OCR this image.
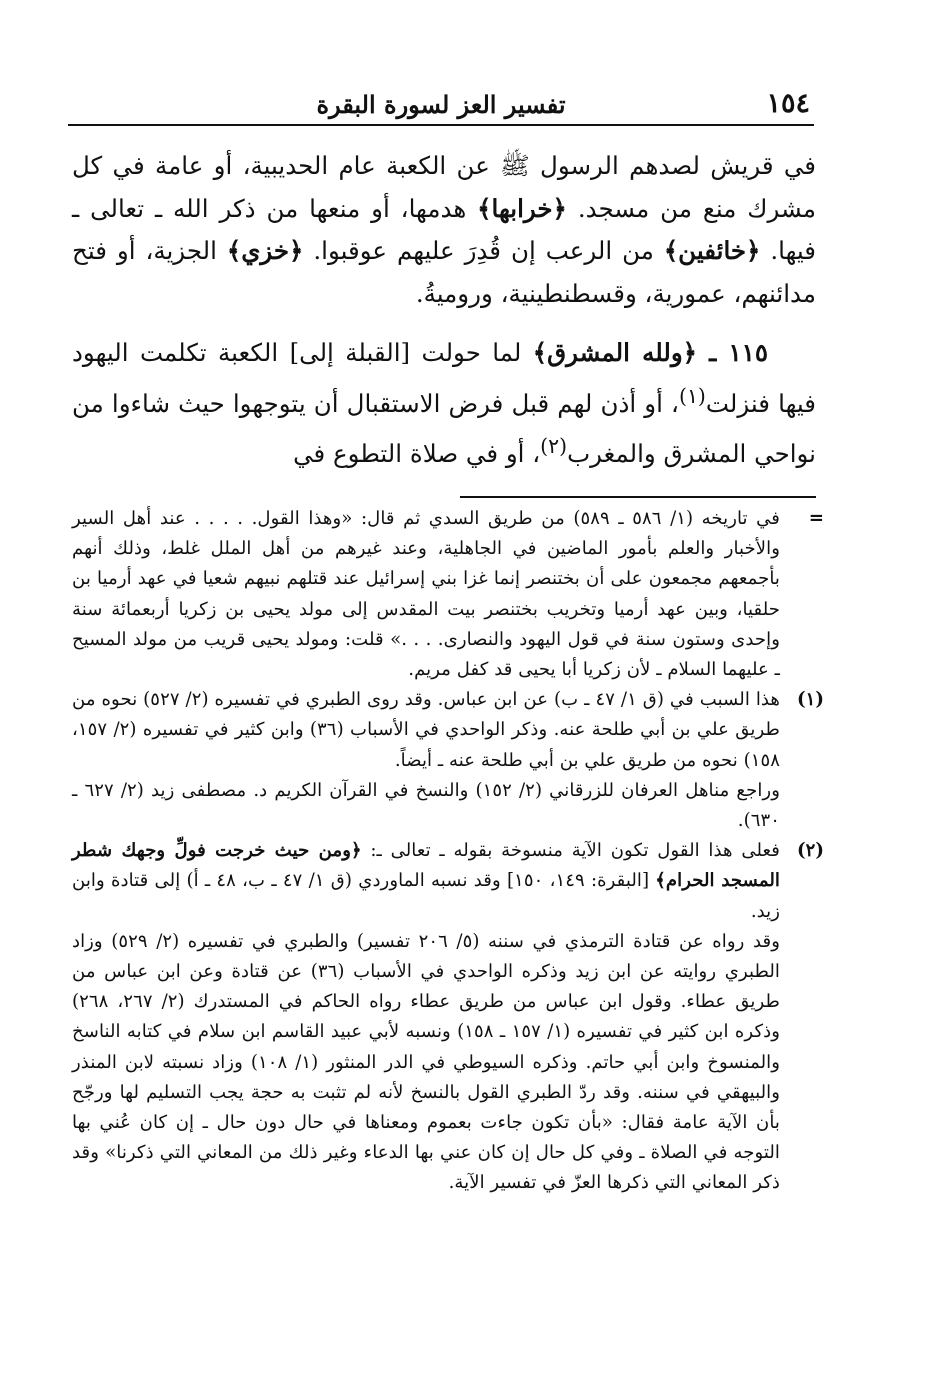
١٥٤
تفسير العز لسورة البقرة

في قريش لصدهم الرسول ﷺ عن الكعبة عام الحديبية، أو عامة في كل مشرك منع من مسجد. ﴿خرابها﴾ هدمها، أو منعها من ذكر الله ـ تعالى ـ فيها. ﴿خائفين﴾ من الرعب إن قُدِرَ عليهم عوقبوا. ﴿خزي﴾ الجزية، أو فتح مدائنهم، عمورية، وقسطنطينية، وروميةُ.

١١٥ ـ ﴿ولله المشرق﴾ لما حولت [القبلة إلى] الكعبة تكلمت اليهود فيها فنزلت$^{(١)}$، أو أذن لهم قبل فرض الاستقبال أن يتوجهوا حيث شاءوا من نواحي المشرق والمغرب$^{(٢)}$، أو في صلاة التطوع في

=

في تاريخه (١/ ٥٨٦ ـ ٥٨٩) من طريق السدي ثم قال: «وهذا القول. . . . . عند أهل السير والأخبار والعلم بأمور الماضين في الجاهلية، وعند غيرهم من أهل الملل غلط، وذلك أنهم بأجمعهم مجمعون على أن بختنصر إنما غزا بني إسرائيل عند قتلهم نبيهم شعيا في عهد أرميا بن حلقيا، وبين عهد أرميا وتخريب بختنصر بيت المقدس إلى مولد يحيى بن زكريا أربعمائة سنة وإحدى وستون سنة في قول اليهود والنصارى. . . .» قلت: ومولد يحيى قريب من مولد المسيح ـ عليهما السلام ـ لأن زكريا أبا يحيى قد كفل مريم.

(١)

هذا السبب في (ق ١/ ٤٧ ـ ب) عن ابن عباس. وقد روى الطبري في تفسيره (٢/ ٥٢٧) نحوه من طريق علي بن أبي طلحة عنه. وذكر الواحدي في الأسباب (٣٦) وابن كثير في تفسيره (٢/ ١٥٧، ١٥٨) نحوه من طريق علي بن أبي طلحة عنه ـ أيضاً.

وراجع مناهل العرفان للزرقاني (٢/ ١٥٢) والنسخ في القرآن الكريم د. مصطفى زيد (٢/ ٦٢٧ ـ ٦٣٠).

(٢)

فعلى هذا القول تكون الآية منسوخة بقوله ـ تعالى ـ: ﴿ومن حيث خرجت فولِّ وجهك شطر المسجد الحرام﴾ [البقرة: ١٤٩، ١٥٠] وقد نسبه الماوردي (ق ١/ ٤٧ ـ ب، ٤٨ ـ أ) إلى قتادة وابن زيد.

وقد رواه عن قتادة الترمذي في سننه (٥/ ٢٠٦ تفسير) والطبري في تفسيره (٢/ ٥٢٩) وزاد الطبري روايته عن ابن زيد وذكره الواحدي في الأسباب (٣٦) عن قتادة وعن ابن عباس من طريق عطاء. وقول ابن عباس من طريق عطاء رواه الحاكم في المستدرك (٢/ ٢٦٧، ٢٦٨) وذكره ابن كثير في تفسيره (١/ ١٥٧ ـ ١٥٨) ونسبه لأبي عبيد القاسم ابن سلام في كتابه الناسخ والمنسوخ وابن أبي حاتم. وذكره السيوطي في الدر المنثور (١/ ١٠٨) وزاد نسبته لابن المنذر والبيهقي في سننه. وقد ردّ الطبري القول بالنسخ لأنه لم تثبت به حجة يجب التسليم لها ورجّح بأن الآية عامة فقال: «بأن تكون جاءت بعموم ومعناها في حال دون حال ـ إن كان عُني بها التوجه في الصلاة ـ وفي كل حال إن كان عني بها الدعاء وغير ذلك من المعاني التي ذكرنا» وقد ذكر المعاني التي ذكرها العزّ في تفسير الآية.
